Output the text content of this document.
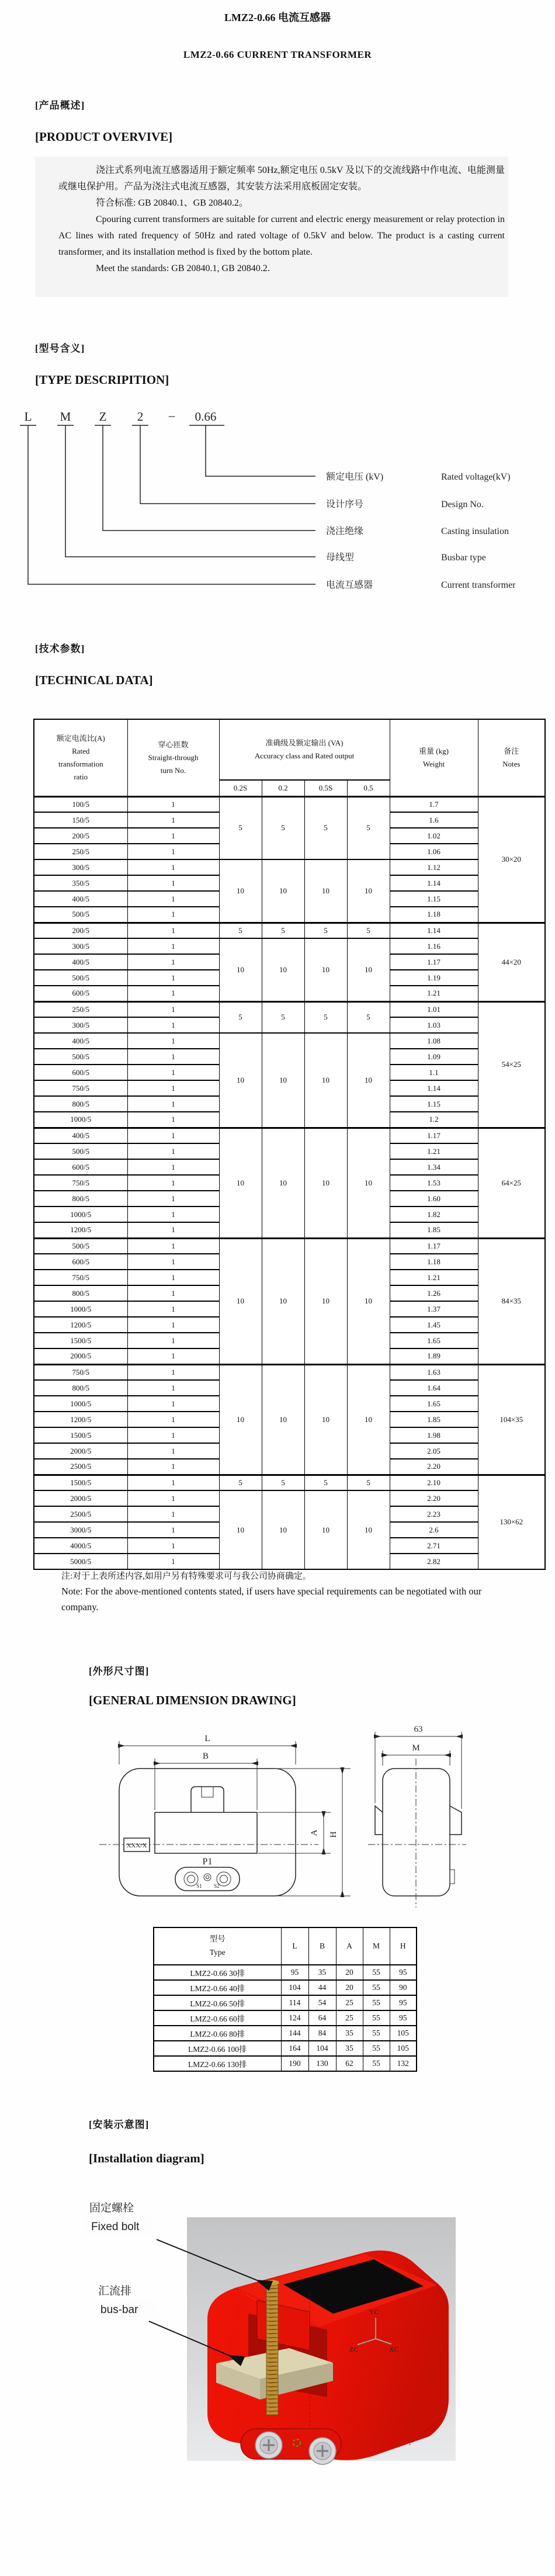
LMZ2-0.66 电流互感器
LMZ2-0.66 CURRENT TRANSFORMER
[产品概述]
[PRODUCT OVERVIVE]

浇注式系列电流互感器适用于额定频率 50Hz,额定电压 0.5kV 及以下的交流线路中作电流、电能测量或继电保护用。产品为浇注式电流互感器，其安装方法采用底板固定安装。

符合标准: GB 20840.1、GB 20840.2。

Cpouring current transformers are suitable for current and electric energy measurement or relay protection in AC lines with rated frequency of 50Hz and rated voltage of 0.5kV and below. The product is a casting current transformer, and its installation method is fixed by the bottom plate.

Meet the standards: GB 20840.1, GB 20840.2.

[型号含义]
[TYPE DESCRIPITION]
L M Z 2 – 0.66
额定电压 (kV)	Rated voltage(kV)
设计序号	Design No.
浇注绝缘	Casting insulation
母线型	Busbar type
电流互感器	Current transformer
[技术参数]
[TECHNICAL DATA]
额定电流比(A)
Rated
transformation
ratio	穿心匝数
Straight-through
turn No.	准确级及额定输出 (VA)
Accuracy class and Rated output				重量 (kg)
Weight	备注
Notes
		0.2S	0.2	0.5S	0.5		
100/5	1	5	5	5	5	1.7	30×20
150/5	1					1.6	
200/5	1					1.02	
250/5	1					1.06	
300/5	1	10	10	10	10	1.12	
350/5	1					1.14	
400/5	1					1.15	
500/5	1					1.18	
200/5	1	5	5	5	5	1.14	44×20
300/5	1	10	10	10	10	1.16	
400/5	1					1.17	
500/5	1					1.19	
600/5	1					1.21	
250/5	1	5	5	5	5	1.01	54×25
300/5	1					1.03	
400/5	1	10	10	10	10	1.08	
500/5	1					1.09	
600/5	1					1.1	
750/5	1					1.14	
800/5	1					1.15	
1000/5	1					1.2	
400/5	1	10	10	10	10	1.17	64×25
500/5	1					1.21	
600/5	1					1.34	
750/5	1					1.53	
800/5	1					1.60	
1000/5	1					1.82	
1200/5	1					1.85	
500/5	1	10	10	10	10	1.17	84×35
600/5	1					1.18	
750/5	1					1.21	
800/5	1					1.26	
1000/5	1					1.37	
1200/5	1					1.45	
1500/5	1					1.65	
2000/5	1					1.89	
750/5	1	10	10	10	10	1.63	104×35
800/5	1					1.64	
1000/5	1					1.65	
1200/5	1					1.85	
1500/5	1					1.98	
2000/5	1					2.05	
2500/5	1					2.20	
1500/5	1	5	5	5	5	2.10	130×62
2000/5	1	10	10	10	10	2.20	
2500/5	1					2.23	
3000/5	1					2.6	
4000/5	1					2.71	
5000/5	1					2.82	
注:对于上表所述内容,如用户另有特殊要求可与我公司协商确定。
Note: For the above-mentioned contents stated, if users have special requirements can be negotiated with our company.
[外形尺寸图]
[GENERAL DIMENSION DRAWING]
XXX/X
P1
S1 S2
L
B
A H
63
M
型号
Type	L	B	A	M	H
LMZ2-0.66 30排	95	35	20	55	95
LMZ2-0.66 40排	104	44	20	55	90
LMZ2-0.66 50排	114	54	25	55	95
LMZ2-0.66 60排	124	64	25	55	95
LMZ2-0.66 80排	144	84	35	55	105
LMZ2-0.66 100排	164	104	35	55	105
LMZ2-0.66 130排	190	130	62	55	132
[安装示意图]
[Installation diagram]
YC
ZC	XC
固定螺栓
Fixed bolt
汇流排
bus-bar
